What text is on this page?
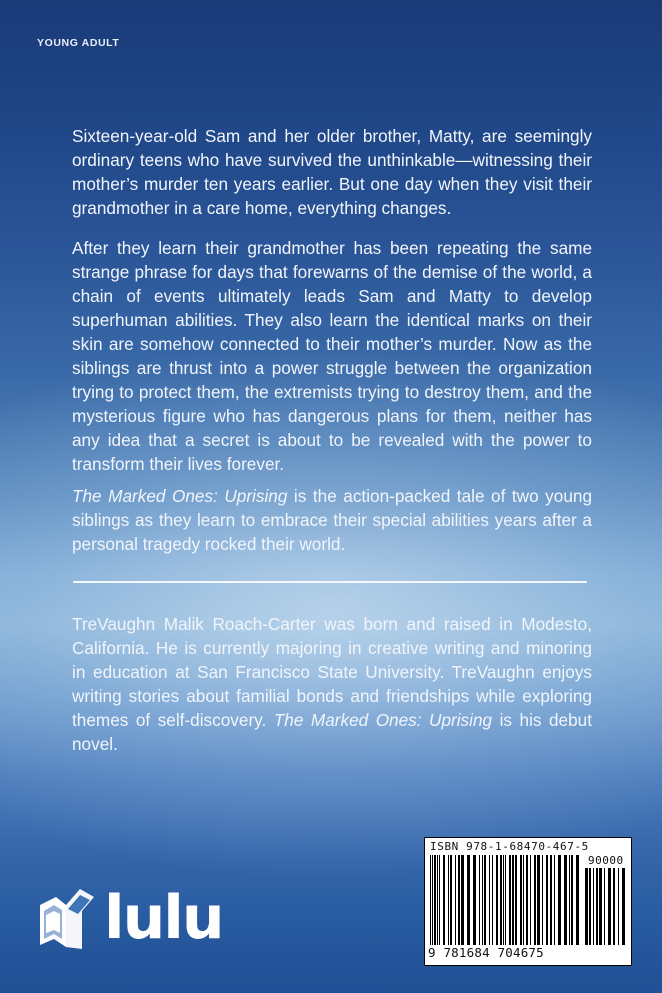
YOUNG ADULT

Sixteen-year-old Sam and her older brother, Matty, are seemingly ordinary teens who have survived the unthinkable—witnessing their mother’s murder ten years earlier. But one day when they visit their grandmother in a care home, everything changes.

After they learn their grandmother has been repeating the same strange phrase for days that forewarns of the demise of the world, a chain of events ultimately leads Sam and Matty to develop superhuman abilities. They also learn the identical marks on their skin are somehow connected to their mother’s murder. Now as the siblings are thrust into a power struggle between the organization trying to protect them, the extremists trying to destroy them, and the mysterious figure who has dangerous plans for them, neither has any idea that a secret is about to be revealed with the power to transform their lives forever.

The Marked Ones: Uprising is the action-packed tale of two young siblings as they learn to embrace their special abilities years after a personal tragedy rocked their world.

TreVaughn Malik Roach-Carter was born and raised in Modesto, California. He is currently majoring in creative writing and minoring in education at San Francisco State University. TreVaughn enjoys writing stories about familial bonds and friendships while exploring themes of self-discovery. The Marked Ones: Uprising is his debut novel.

lulu
ISBN 978-1-68470-467-5
90000
9 781684 704675
